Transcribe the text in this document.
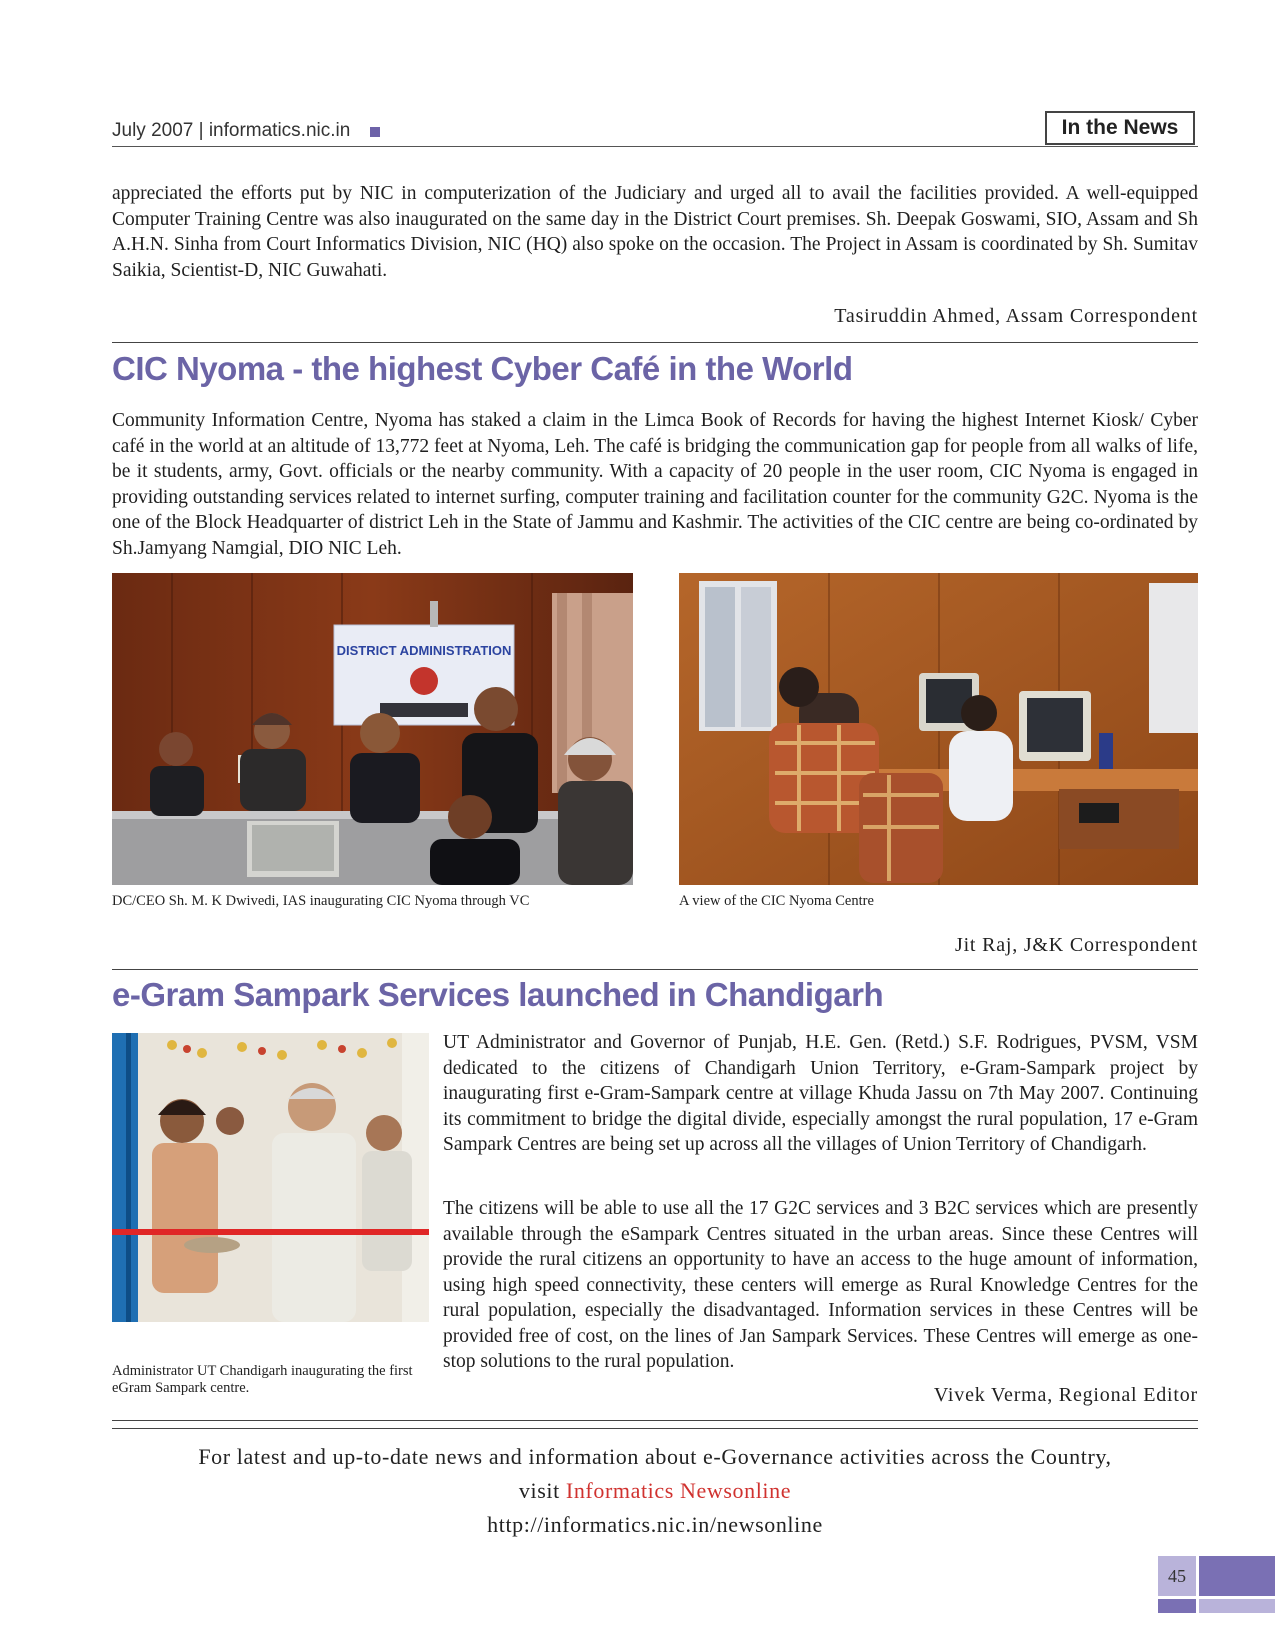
July 2007 | informatics.nic.in	In the News

appreciated the efforts put by NIC in computerization of the Judiciary and urged all to avail the facilities provided. A well-equipped Computer Training Centre was also inaugurated on the same day in the District Court premises. Sh. Deepak Goswami, SIO, Assam and Sh A.H.N. Sinha from Court Informatics Division, NIC (HQ) also spoke on the occasion. The Project in Assam is coordinated by Sh. Sumitav Saikia, Scientist-D, NIC Guwahati.

Tasiruddin Ahmed, Assam Correspondent
CIC Nyoma - the highest Cyber Café in the World

Community Information Centre, Nyoma has staked a claim in the Limca Book of Records for having the highest Internet Kiosk/ Cyber café in the world at an altitude of 13,772 feet at Nyoma, Leh. The café is bridging the communication gap for people from all walks of life, be it students, army, Govt. officials or the nearby community. With a capacity of 20 people in the user room, CIC Nyoma is engaged in providing outstanding services related to internet surfing, computer training and facilitation counter for the community G2C. Nyoma is the one of the Block Headquarter of district Leh in the State of Jammu and Kashmir. The activities of the CIC centre are being co-ordinated by Sh.Jamyang Namgial, DIO NIC Leh.

DISTRICT ADMINISTRATION
DC/CEO Sh. M. K Dwivedi, IAS inaugurating CIC Nyoma through VC	A view of the CIC Nyoma Centre
Jit Raj, J&K Correspondent
e-Gram Sampark Services launched in Chandigarh
Administrator UT Chandigarh inaugurating the first eGram Sampark centre.

UT Administrator and Governor of Punjab, H.E. Gen. (Retd.) S.F. Rodrigues, PVSM, VSM dedicated to the citizens of Chandigarh Union Territory, e-Gram-Sampark project by inaugurating first e-Gram-Sampark centre at village Khuda Jassu on 7th May 2007. Continuing its commitment to bridge the digital divide, especially amongst the rural population, 17 e-Gram Sampark Centres are being set up across all the villages of Union Territory of Chandigarh.

The citizens will be able to use all the 17 G2C services and 3 B2C services which are presently available through the eSampark Centres situated in the urban areas. Since these Centres will provide the rural citizens an opportunity to have an access to the huge amount of information, using high speed connectivity, these centers will emerge as Rural Knowledge Centres for the rural population, especially the disadvantaged. Information services in these Centres will be provided free of cost, on the lines of Jan Sampark Services. These Centres will emerge as one-stop solutions to the rural population.

Vivek Verma, Regional Editor
For latest and up-to-date news and information about e-Governance activities across the Country,
visit Informatics Newsonline
http://informatics.nic.in/newsonline
45
